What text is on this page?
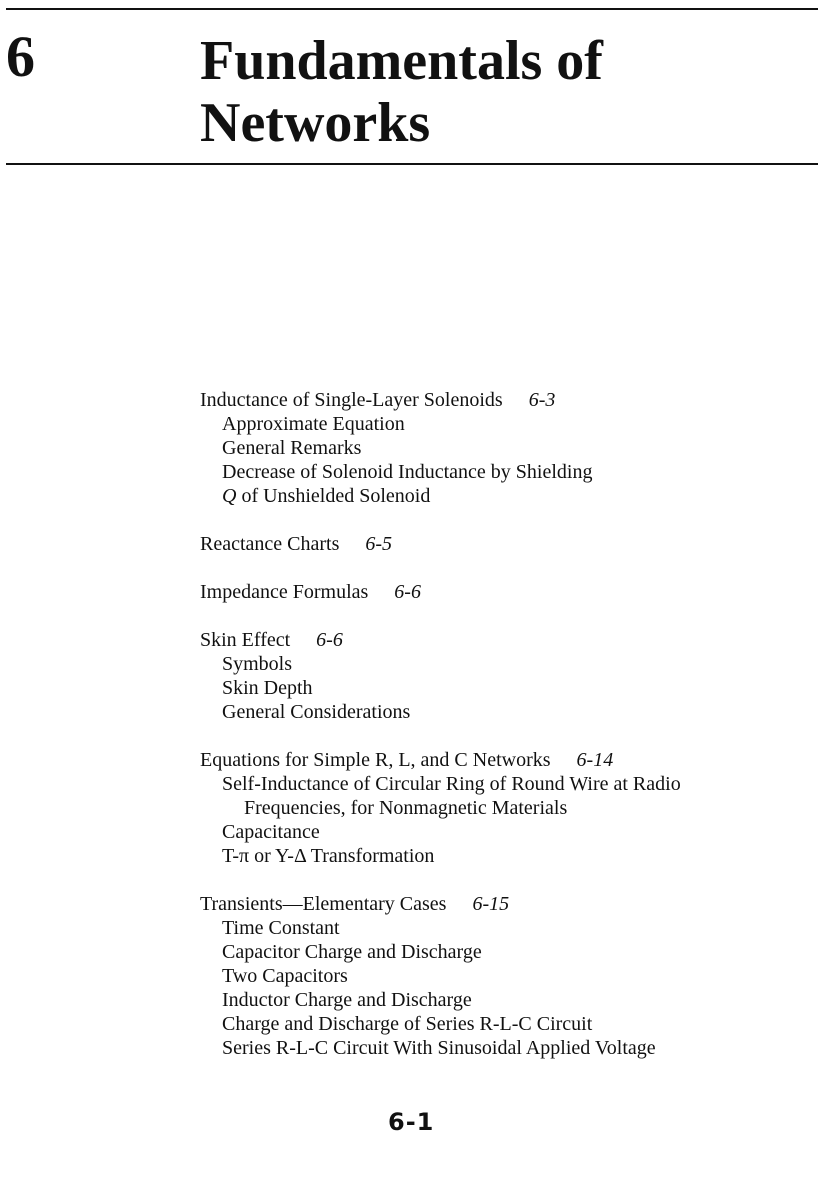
6	Fundamentals of
Networks
Inductance of Single-Layer Solenoids 6-3
Approximate Equation
General Remarks
Decrease of Solenoid Inductance by Shielding
Q of Unshielded Solenoid
Reactance Charts 6-5
Impedance Formulas 6-6
Skin Effect 6-6
Symbols
Skin Depth
General Considerations
Equations for Simple R, L, and C Networks 6-14
Self-Inductance of Circular Ring of Round Wire at Radio
Frequencies, for Nonmagnetic Materials
Capacitance
T-π or Y-Δ Transformation
Transients—Elementary Cases 6-15
Time Constant
Capacitor Charge and Discharge
Two Capacitors
Inductor Charge and Discharge
Charge and Discharge of Series R-L-C Circuit
Series R-L-C Circuit With Sinusoidal Applied Voltage
6-1
